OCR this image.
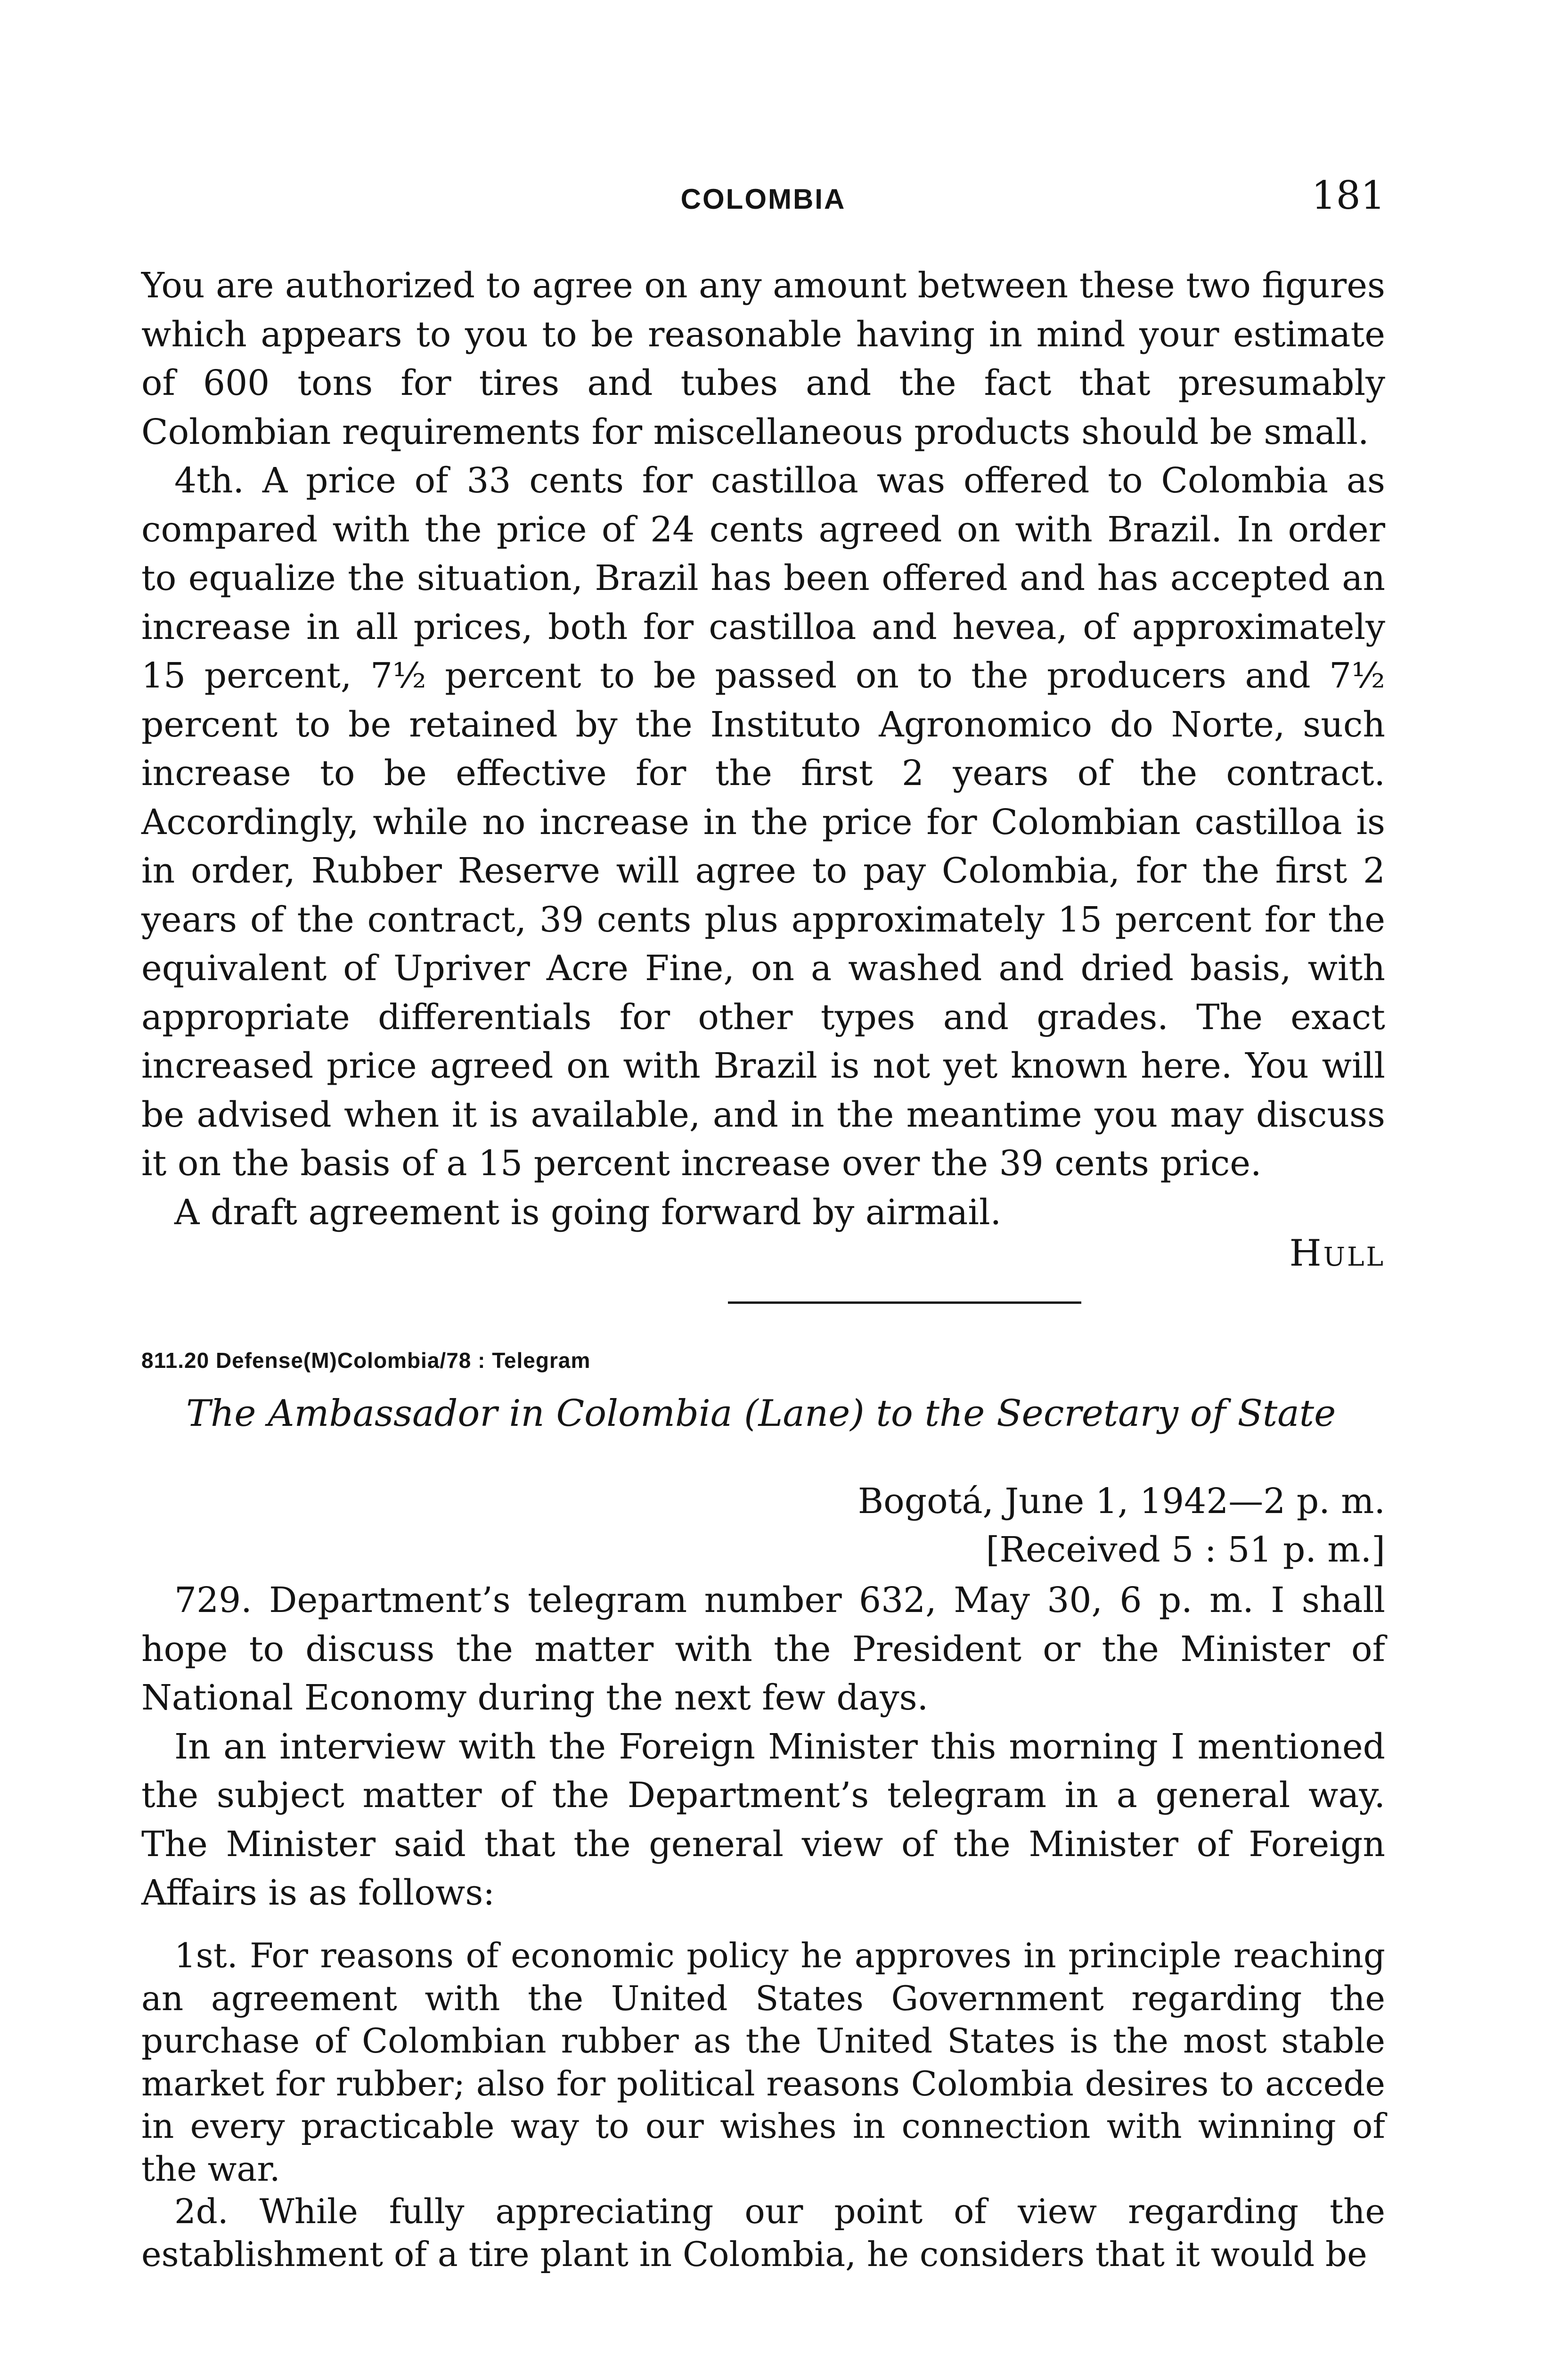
COLOMBIA	181

You are authorized to agree on any amount between these two figures which appears to you to be reasonable having in mind your estimate of 600 tons for tires and tubes and the fact that presumably Colombian requirements for miscellaneous products should be small.

4th. A price of 33 cents for castilloa was offered to Colombia as compared with the price of 24 cents agreed on with Brazil. In order to equalize the situation, Brazil has been offered and has accepted an increase in all prices, both for castilloa and hevea, of approximately 15 percent, 7½ percent to be passed on to the producers and 7½ percent to be retained by the Instituto Agronomico do Norte, such increase to be effective for the first 2 years of the contract. Accordingly, while no increase in the price for Colombian castilloa is in order, Rubber Reserve will agree to pay Colombia, for the first 2 years of the contract, 39 cents plus approximately 15 percent for the equivalent of Upriver Acre Fine, on a washed and dried basis, with appropriate differentials for other types and grades. The exact increased price agreed on with Brazil is not yet known here. You will be advised when it is available, and in the meantime you may discuss it on the basis of a 15 percent increase over the 39 cents price.

A draft agreement is going forward by airmail.

Hull
811.20 Defense(M)Colombia/78 : Telegram
The Ambassador in Colombia (Lane) to the Secretary of State
Bogotá, June 1, 1942—2 p. m.
[Received 5 : 51 p. m.]

729. Department’s telegram number 632, May 30, 6 p. m. I shall hope to discuss the matter with the President or the Minister of National Economy during the next few days.

In an interview with the Foreign Minister this morning I mentioned the subject matter of the Department’s telegram in a general way. The Minister said that the general view of the Minister of Foreign Affairs is as follows:

1st. For reasons of economic policy he approves in principle reaching an agreement with the United States Government regarding the purchase of Colombian rubber as the United States is the most stable market for rubber; also for political reasons Colombia desires to accede in every practicable way to our wishes in connection with winning of the war.

2d. While fully appreciating our point of view regarding the establishment of a tire plant in Colombia, he considers that it would be
